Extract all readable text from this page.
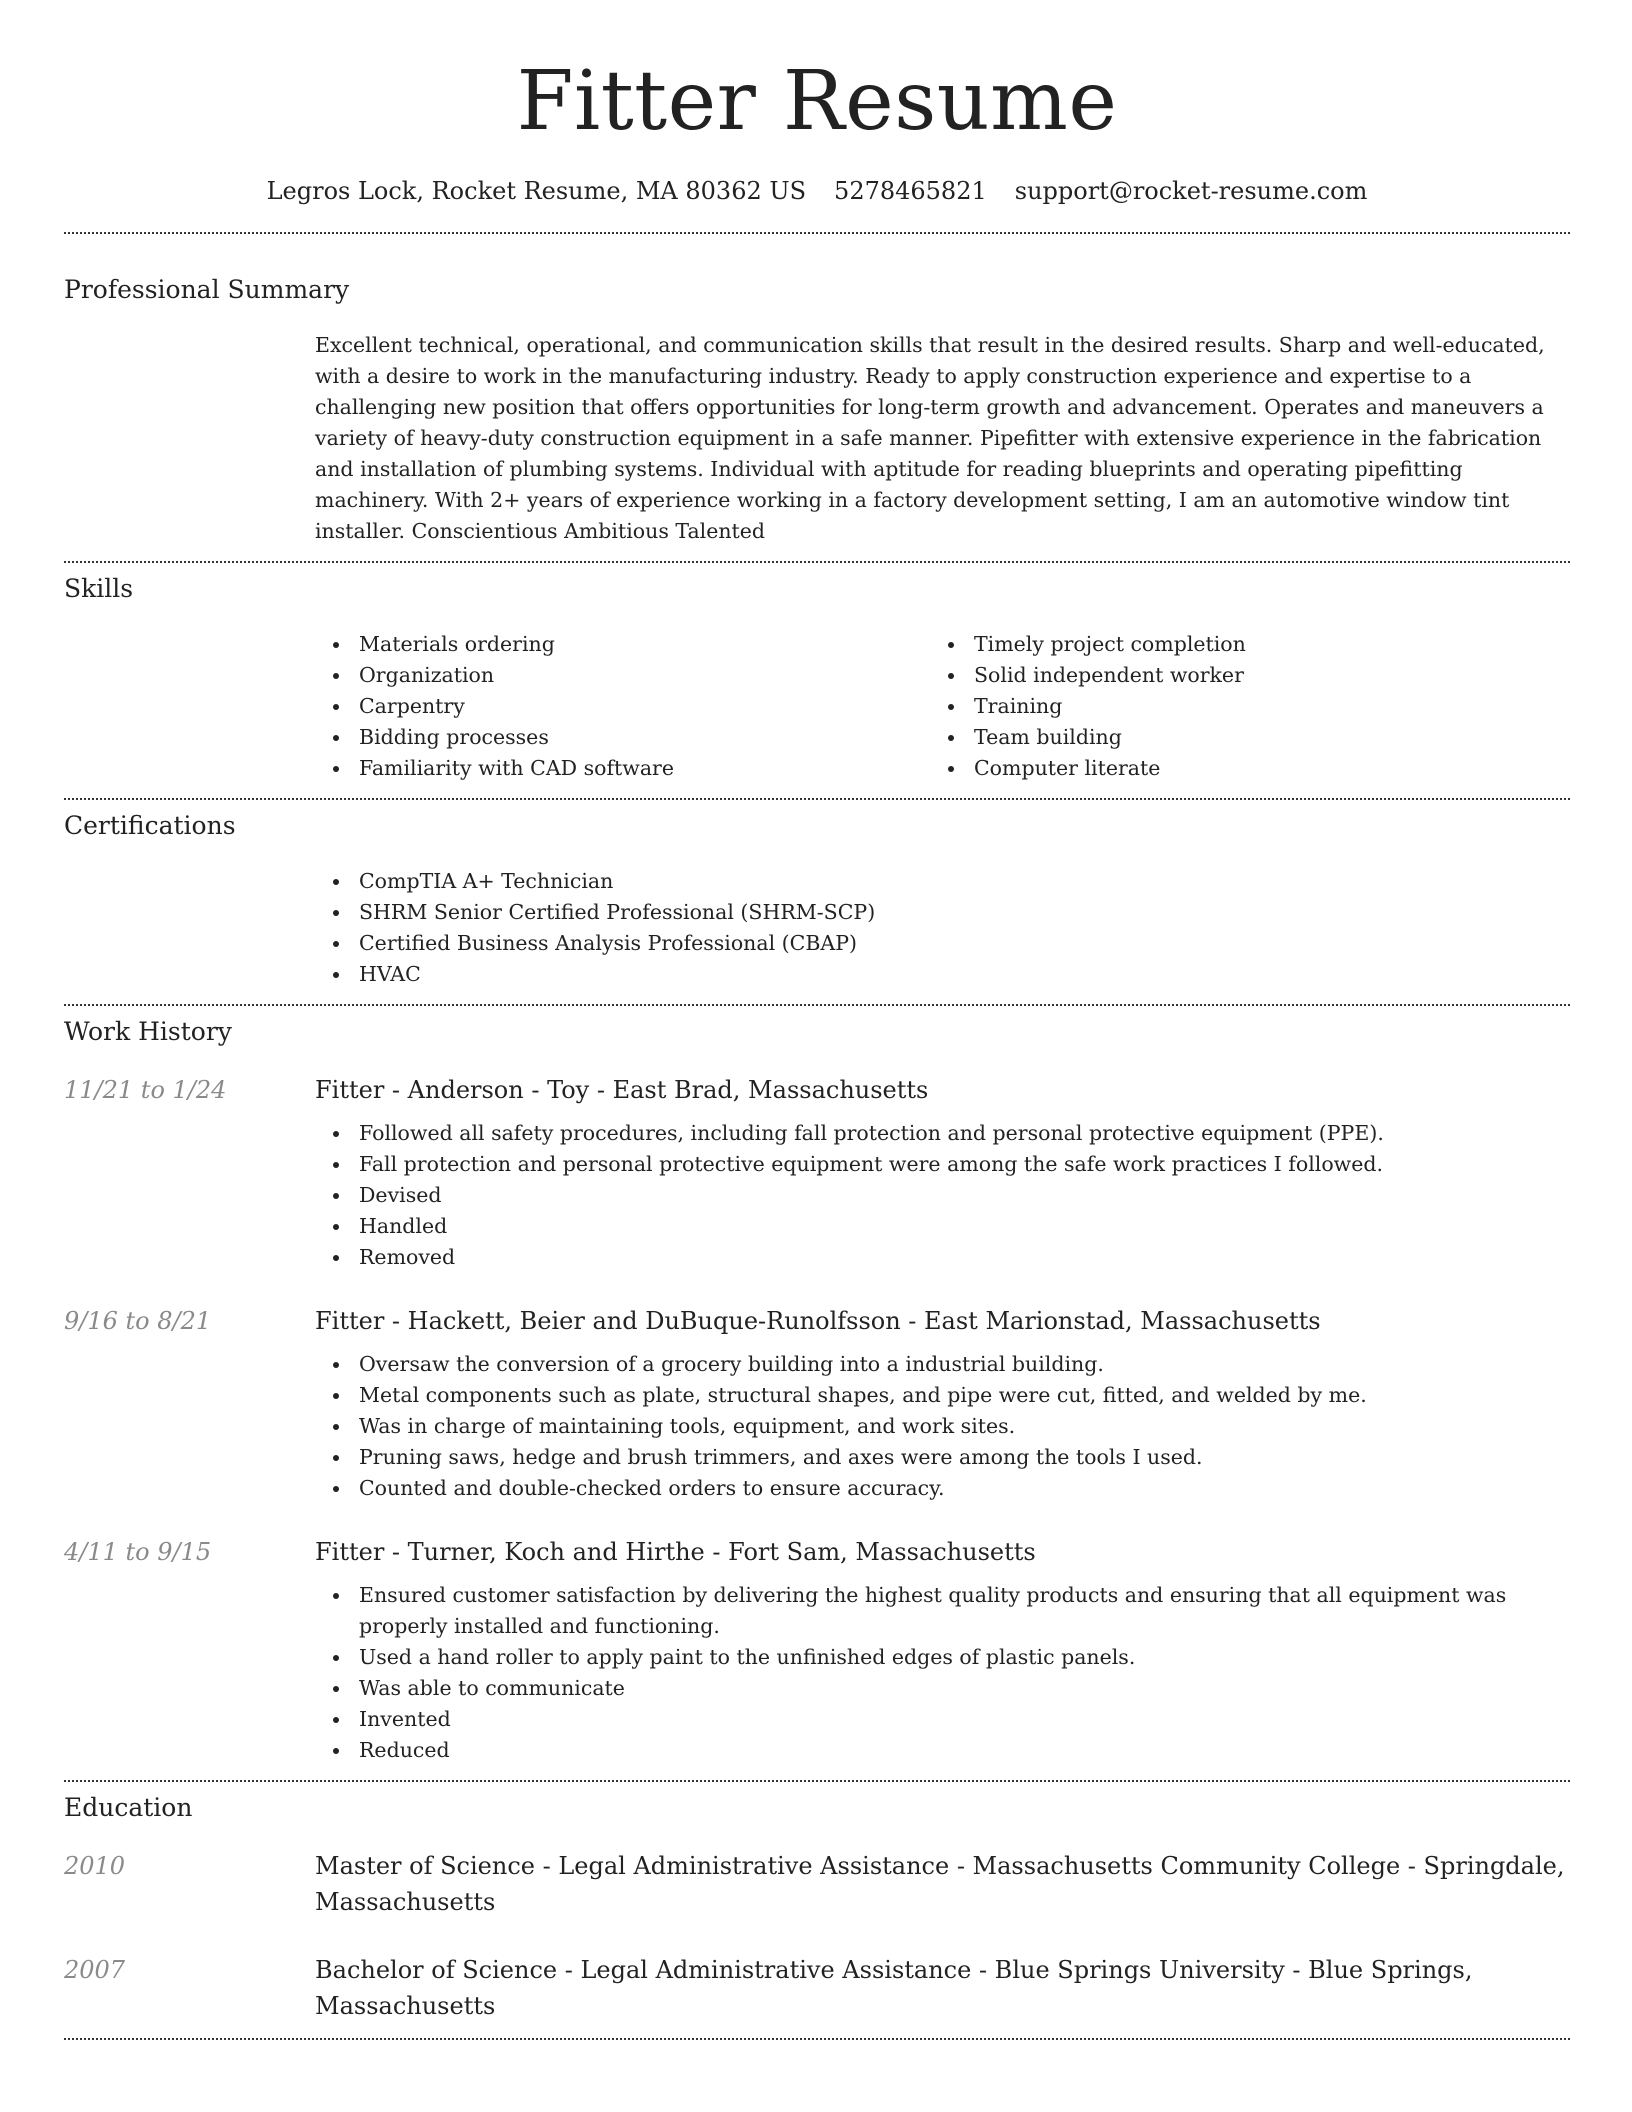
Fitter Resume
Legros Lock, Rocket Resume, MA 80362 US 5278465821 support@rocket-resume.com
Professional Summary
Excellent technical, operational, and communication skills that result in the desired results. Sharp and well-educated, with a desire to work in the manufacturing industry. Ready to apply construction experience and expertise to a challenging new position that offers opportunities for long-term growth and advancement. Operates and maneuvers a variety of heavy-duty construction equipment in a safe manner. Pipefitter with extensive experience in the fabrication and installation of plumbing systems. Individual with aptitude for reading blueprints and operating pipefitting machinery. With 2+ years of experience working in a factory development setting, I am an automotive window tint installer. Conscientious Ambitious Talented
Skills
Materials ordering
Organization
Carpentry
Bidding processes
Familiarity with CAD software
Timely project completion
Solid independent worker
Training
Team building
Computer literate
Certifications
CompTIA A+ Technician
SHRM Senior Certified Professional (SHRM-SCP)
Certified Business Analysis Professional (CBAP)
HVAC
Work History
11/21 to 1/24	Fitter - Anderson - Toy - East Brad, Massachusetts
Followed all safety procedures, including fall protection and personal protective equipment (PPE).
Fall protection and personal protective equipment were among the safe work practices I followed.
Devised
Handled
Removed
9/16 to 8/21	Fitter - Hackett, Beier and DuBuque-Runolfsson - East Marionstad, Massachusetts
Oversaw the conversion of a grocery building into a industrial building.
Metal components such as plate, structural shapes, and pipe were cut, fitted, and welded by me.
Was in charge of maintaining tools, equipment, and work sites.
Pruning saws, hedge and brush trimmers, and axes were among the tools I used.
Counted and double-checked orders to ensure accuracy.
4/11 to 9/15	Fitter - Turner, Koch and Hirthe - Fort Sam, Massachusetts
Ensured customer satisfaction by delivering the highest quality products and ensuring that all equipment was properly installed and functioning.
Used a hand roller to apply paint to the unfinished edges of plastic panels.
Was able to communicate
Invented
Reduced
Education
2010	Master of Science - Legal Administrative Assistance - Massachusetts Community College - Springdale, Massachusetts
2007	Bachelor of Science - Legal Administrative Assistance - Blue Springs University - Blue Springs, Massachusetts
